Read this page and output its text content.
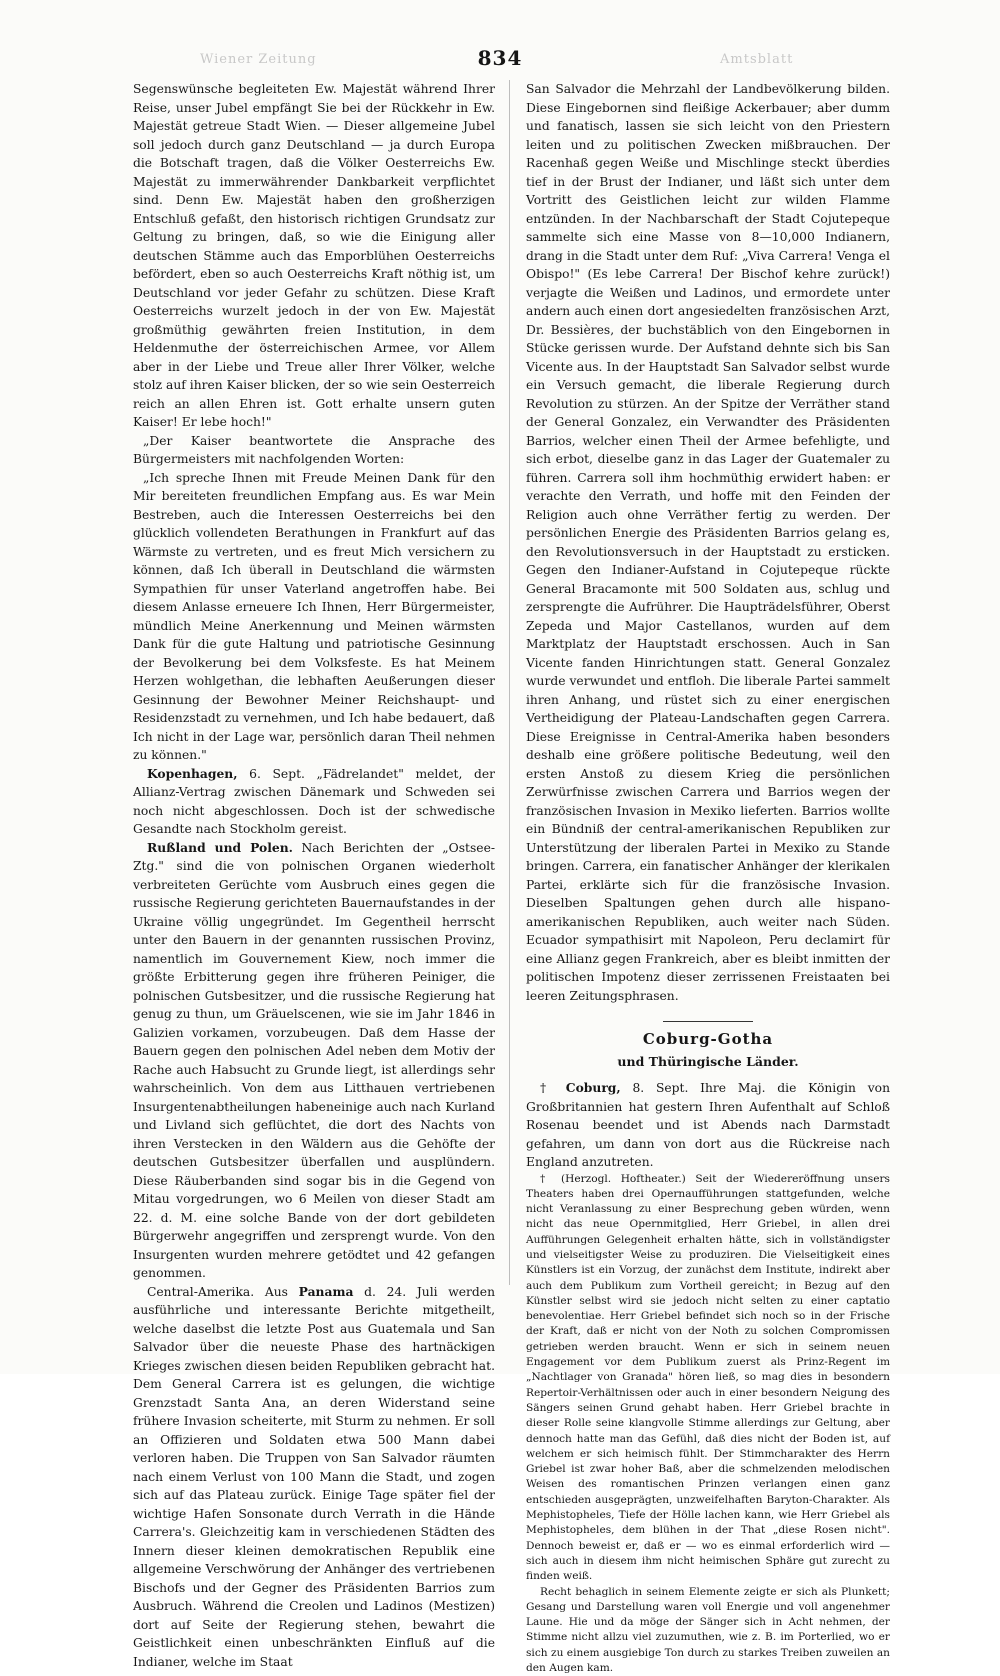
Wiener Zeitung	834	Amtsblatt

Segenswünsche begleiteten Ew. Majestät während Ihrer Reise, unser Jubel empfängt Sie bei der Rückkehr in Ew. Majestät getreue Stadt Wien. — Dieser allgemeine Jubel soll jedoch durch ganz Deutschland — ja durch Europa die Botschaft tragen, daß die Völker Oesterreichs Ew. Majestät zu immerwährender Dankbarkeit verpflichtet sind. Denn Ew. Majestät haben den großherzigen Entschluß gefaßt, den historisch richtigen Grundsatz zur Geltung zu bringen, daß, so wie die Einigung aller deutschen Stämme auch das Emporblühen Oesterreichs befördert, eben so auch Oesterreichs Kraft nöthig ist, um Deutschland vor jeder Gefahr zu schützen. Diese Kraft Oesterreichs wurzelt jedoch in der von Ew. Majestät großmüthig gewährten freien Institution, in dem Heldenmuthe der österreichischen Armee, vor Allem aber in der Liebe und Treue aller Ihrer Völker, welche stolz auf ihren Kaiser blicken, der so wie sein Oesterreich reich an allen Ehren ist. Gott erhalte unsern guten Kaiser! Er lebe hoch!"

„Der Kaiser beantwortete die Ansprache des Bürgermeisters mit nachfolgenden Worten:

„Ich spreche Ihnen mit Freude Meinen Dank für den Mir bereiteten freundlichen Empfang aus. Es war Mein Bestreben, auch die Interessen Oesterreichs bei den glücklich vollendeten Berathungen in Frankfurt auf das Wärmste zu vertreten, und es freut Mich versichern zu können, daß Ich überall in Deutschland die wärmsten Sympathien für unser Vaterland angetroffen habe. Bei diesem Anlasse erneuere Ich Ihnen, Herr Bürgermeister, mündlich Meine Anerkennung und Meinen wärmsten Dank für die gute Haltung und patriotische Gesinnung der Bevolkerung bei dem Volksfeste. Es hat Meinem Herzen wohlgethan, die lebhaften Aeußerungen dieser Gesinnung der Bewohner Meiner Reichshaupt- und Residenzstadt zu vernehmen, und Ich habe bedauert, daß Ich nicht in der Lage war, persönlich daran Theil nehmen zu können."

Kopenhagen, 6. Sept. „Fädrelandet" meldet, der Allianz-Vertrag zwischen Dänemark und Schweden sei noch nicht abgeschlossen. Doch ist der schwedische Gesandte nach Stockholm gereist.

Rußland und Polen. Nach Berichten der „Ostsee-Ztg." sind die von polnischen Organen wiederholt verbreiteten Gerüchte vom Ausbruch eines gegen die russische Regierung gerichteten Bauernaufstandes in der Ukraine völlig ungegründet. Im Gegentheil herrscht unter den Bauern in der genannten russischen Provinz, namentlich im Gouvernement Kiew, noch immer die größte Erbitterung gegen ihre früheren Peiniger, die polnischen Gutsbesitzer, und die russische Regierung hat genug zu thun, um Gräuelscenen, wie sie im Jahr 1846 in Galizien vorkamen, vorzubeugen. Daß dem Hasse der Bauern gegen den polnischen Adel neben dem Motiv der Rache auch Habsucht zu Grunde liegt, ist allerdings sehr wahrscheinlich. Von dem aus Litthauen vertriebenen Insurgentenabtheilungen habeneinige auch nach Kurland und Livland sich geflüchtet, die dort des Nachts von ihren Verstecken in den Wäldern aus die Gehöfte der deutschen Gutsbesitzer überfallen und ausplündern. Diese Räuberbanden sind sogar bis in die Gegend von Mitau vorgedrungen, wo 6 Meilen von dieser Stadt am 22. d. M. eine solche Bande von der dort gebildeten Bürgerwehr angegriffen und zersprengt wurde. Von den Insurgenten wurden mehrere getödtet und 42 gefangen genommen.

Central-Amerika. Aus Panama d. 24. Juli werden ausführliche und interessante Berichte mitgetheilt, welche daselbst die letzte Post aus Guatemala und San Salvador über die neueste Phase des hartnäckigen Krieges zwischen diesen beiden Republiken gebracht hat. Dem General Carrera ist es gelungen, die wichtige Grenzstadt Santa Ana, an deren Widerstand seine frühere Invasion scheiterte, mit Sturm zu nehmen. Er soll an Offizieren und Soldaten etwa 500 Mann dabei verloren haben. Die Truppen von San Salvador räumten nach einem Verlust von 100 Mann die Stadt, und zogen sich auf das Plateau zurück. Einige Tage später fiel der wichtige Hafen Sonsonate durch Verrath in die Hände Carrera's. Gleichzeitig kam in verschiedenen Städten des Innern dieser kleinen demokratischen Republik eine allgemeine Verschwörung der Anhänger des vertriebenen Bischofs und der Gegner des Präsidenten Barrios zum Ausbruch. Während die Creolen und Ladinos (Mestizen) dort auf Seite der Regierung stehen, bewahrt die Geistlichkeit einen unbeschränkten Einfluß auf die Indianer, welche im Staat

San Salvador die Mehrzahl der Landbevölkerung bilden. Diese Eingebornen sind fleißige Ackerbauer; aber dumm und fanatisch, lassen sie sich leicht von den Priestern leiten und zu politischen Zwecken mißbrauchen. Der Racenhaß gegen Weiße und Mischlinge steckt überdies tief in der Brust der Indianer, und läßt sich unter dem Vortritt des Geistlichen leicht zur wilden Flamme entzünden. In der Nachbarschaft der Stadt Cojutepeque sammelte sich eine Masse von 8—10,000 Indianern, drang in die Stadt unter dem Ruf: „Viva Carrera! Venga el Obispo!" (Es lebe Carrera! Der Bischof kehre zurück!) verjagte die Weißen und Ladinos, und ermordete unter andern auch einen dort angesiedelten französischen Arzt, Dr. Bessières, der buchstäblich von den Eingebornen in Stücke gerissen wurde. Der Aufstand dehnte sich bis San Vicente aus. In der Hauptstadt San Salvador selbst wurde ein Versuch gemacht, die liberale Regierung durch Revolution zu stürzen. An der Spitze der Verräther stand der General Gonzalez, ein Verwandter des Präsidenten Barrios, welcher einen Theil der Armee befehligte, und sich erbot, dieselbe ganz in das Lager der Guatemaler zu führen. Carrera soll ihm hochmüthig erwidert haben: er verachte den Verrath, und hoffe mit den Feinden der Religion auch ohne Verräther fertig zu werden. Der persönlichen Energie des Präsidenten Barrios gelang es, den Revolutionsversuch in der Hauptstadt zu ersticken. Gegen den Indianer-Aufstand in Cojutepeque rückte General Bracamonte mit 500 Soldaten aus, schlug und zersprengte die Aufrührer. Die Haupträdelsführer, Oberst Zepeda und Major Castellanos, wurden auf dem Marktplatz der Hauptstadt erschossen. Auch in San Vicente fanden Hinrichtungen statt. General Gonzalez wurde verwundet und entfloh. Die liberale Partei sammelt ihren Anhang, und rüstet sich zu einer energischen Vertheidigung der Plateau-Landschaften gegen Carrera. Diese Ereignisse in Central-Amerika haben besonders deshalb eine größere politische Bedeutung, weil den ersten Anstoß zu diesem Krieg die persönlichen Zerwürfnisse zwischen Carrera und Barrios wegen der französischen Invasion in Mexiko lieferten. Barrios wollte ein Bündniß der central-amerikanischen Republiken zur Unterstützung der liberalen Partei in Mexiko zu Stande bringen. Carrera, ein fanatischer Anhänger der klerikalen Partei, erklärte sich für die französische Invasion. Dieselben Spaltungen gehen durch alle hispano-amerikanischen Republiken, auch weiter nach Süden. Ecuador sympathisirt mit Napoleon, Peru declamirt für eine Allianz gegen Frankreich, aber es bleibt inmitten der politischen Impotenz dieser zerrissenen Freistaaten bei leeren Zeitungsphrasen.

Coburg-Gotha
und Thüringische Länder.

† Coburg, 8. Sept. Ihre Maj. die Königin von Großbritannien hat gestern Ihren Aufenthalt auf Schloß Rosenau beendet und ist Abends nach Darmstadt gefahren, um dann von dort aus die Rückreise nach England anzutreten.

† (Herzogl. Hoftheater.) Seit der Wiedereröffnung unsers Theaters haben drei Opernaufführungen stattgefunden, welche nicht Veranlassung zu einer Besprechung geben würden, wenn nicht das neue Opernmitglied, Herr Griebel, in allen drei Aufführungen Gelegenheit erhalten hätte, sich in vollständigster und vielseitigster Weise zu produziren. Die Vielseitigkeit eines Künstlers ist ein Vorzug, der zunächst dem Institute, indirekt aber auch dem Publikum zum Vortheil gereicht; in Bezug auf den Künstler selbst wird sie jedoch nicht selten zu einer captatio benevolentiae. Herr Griebel befindet sich noch so in der Frische der Kraft, daß er nicht von der Noth zu solchen Compromissen getrieben werden braucht. Wenn er sich in seinem neuen Engagement vor dem Publikum zuerst als Prinz-Regent im „Nachtlager von Granada" hören ließ, so mag dies in besondern Repertoir-Verhältnissen oder auch in einer besondern Neigung des Sängers seinen Grund gehabt haben. Herr Griebel brachte in dieser Rolle seine klangvolle Stimme allerdings zur Geltung, aber dennoch hatte man das Gefühl, daß dies nicht der Boden ist, auf welchem er sich heimisch fühlt. Der Stimmcharakter des Herrn Griebel ist zwar hoher Baß, aber die schmelzenden melodischen Weisen des romantischen Prinzen verlangen einen ganz entschieden ausgeprägten, unzweifelhaften Baryton-Charakter. Als Mephistopheles, Tiefe der Hölle lachen kann, wie Herr Griebel als Mephistopheles, dem blühen in der That „diese Rosen nicht". Dennoch beweist er, daß er — wo es einmal erforderlich wird — sich auch in diesem ihm nicht heimischen Sphäre gut zurecht zu finden weiß.

Recht behaglich in seinem Elemente zeigte er sich als Plunkett; Gesang und Darstellung waren voll Energie und voll angenehmer Laune. Hie und da möge der Sänger sich in Acht nehmen, der Stimme nicht allzu viel zuzumuthen, wie z. B. im Porterlied, wo er sich zu einem ausgiebige Ton durch zu starkes Treiben zuweilen an den Augen kam.
